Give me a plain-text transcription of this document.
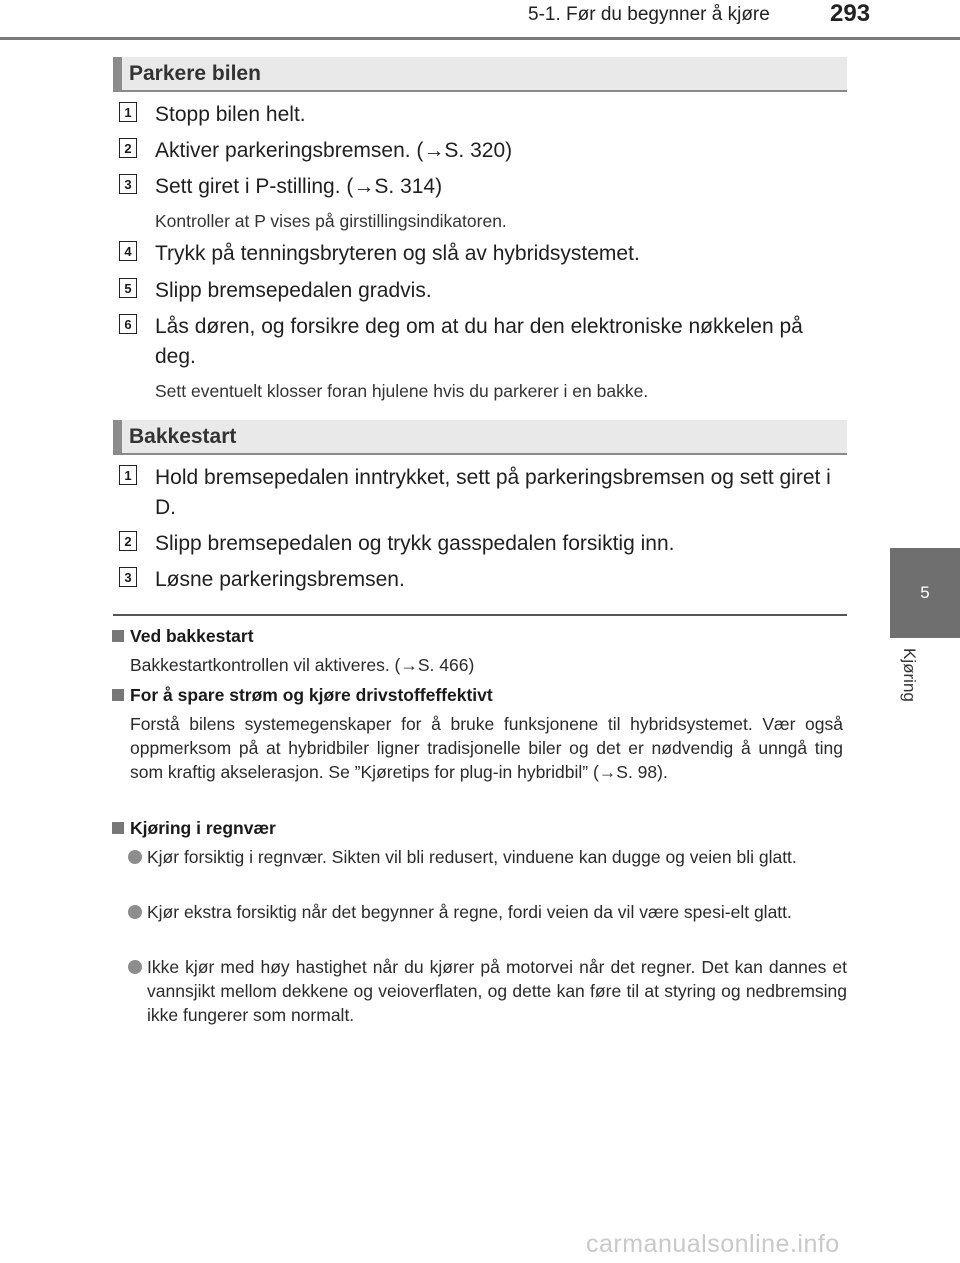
5-1. Før du begynner å kjøre	293
5
Kjøring
Parkere bilen
1 Stopp bilen helt.
2 Aktiver parkeringsbremsen. (→S. 320)
3 Sett giret i P-stilling. (→S. 314)
Kontroller at P vises på girstillingsindikatoren.
4 Trykk på tenningsbryteren og slå av hybridsystemet.
5 Slipp bremsepedalen gradvis.
6 Lås døren, og forsikre deg om at du har den elektroniske nøkkelen på deg.
Sett eventuelt klosser foran hjulene hvis du parkerer i en bakke.
Bakkestart
1 Hold bremsepedalen inntrykket, sett på parkeringsbremsen og sett giret i D.
2 Slipp bremsepedalen og trykk gasspedalen forsiktig inn.
3 Løsne parkeringsbremsen.
Ved bakkestart
Bakkestartkontrollen vil aktiveres. (→S. 466)
For å spare strøm og kjøre drivstoffeffektivt
Forstå bilens systemegenskaper for å bruke funksjonene til hybridsystemet. Vær også oppmerksom på at hybridbiler ligner tradisjonelle biler og det er nødvendig å unngå ting som kraftig akselerasjon. Se ”Kjøretips for plug-in hybridbil” (→S. 98).
Kjøring i regnvær
Kjør forsiktig i regnvær. Sikten vil bli redusert, vinduene kan dugge og veien bli glatt.
Kjør ekstra forsiktig når det begynner å regne, fordi veien da vil være spesi-elt glatt.
Ikke kjør med høy hastighet når du kjører på motorvei når det regner. Det kan dannes et vannsjikt mellom dekkene og veioverflaten, og dette kan føre til at styring og nedbremsing ikke fungerer som normalt.
carmanualsonline.info
